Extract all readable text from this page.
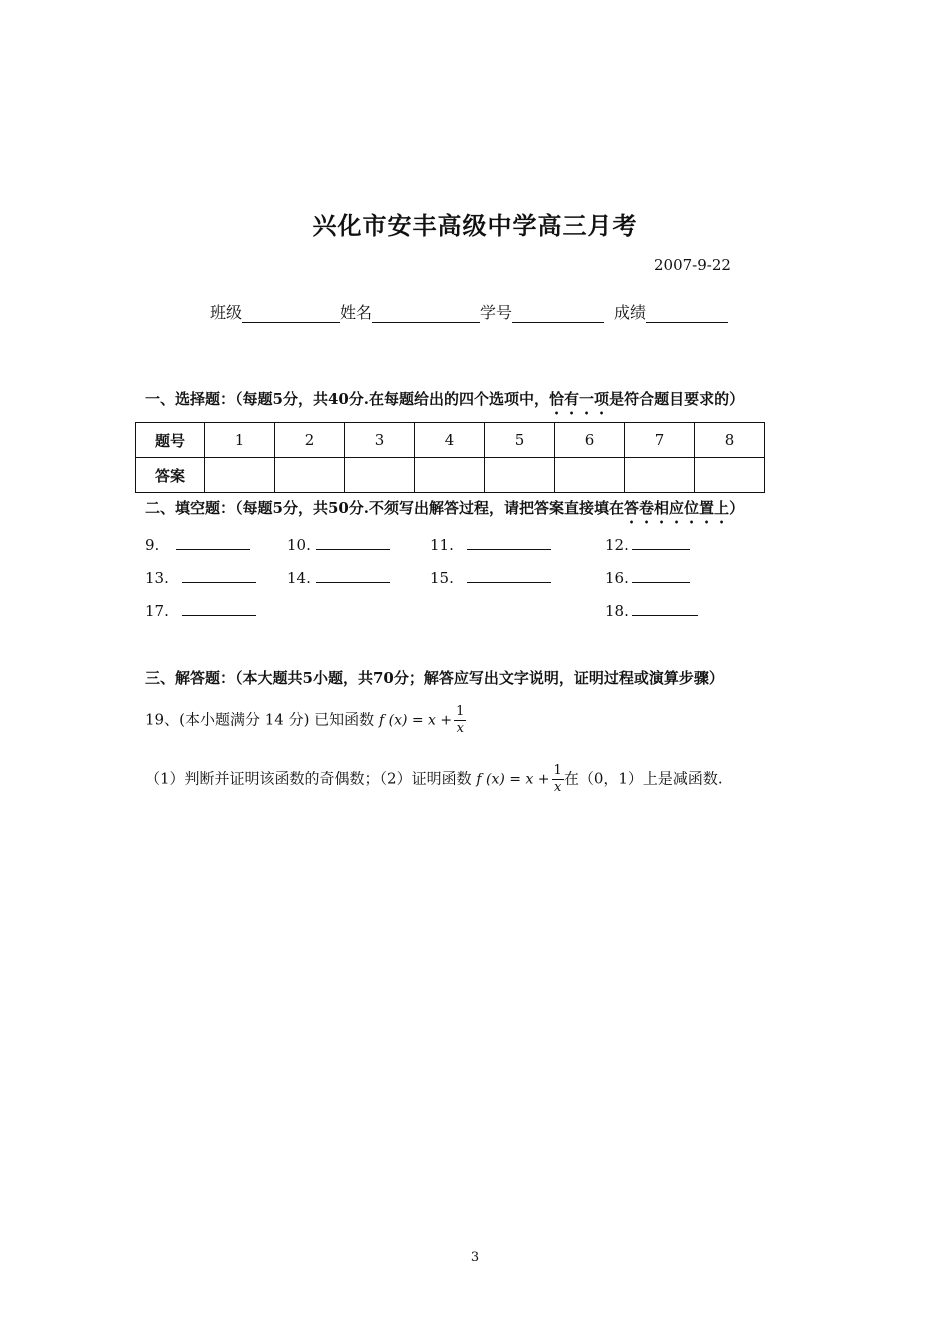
兴化市安丰高级中学高三月考
2007-9-22
班级	姓名	学号	成绩
一、选择题：（每题5分，共40分.在每题给出的四个选项中，恰有一项是符合题目要求的）
题号	1	2	3	4	5	6	7	8
答案								
二、填空题：（每题5分，共50分.不须写出解答过程，请把答案直接填在答卷相应位置上）
9.	10.	11.	12.
13.	14.	15.	16.
17.	18.
三、解答题：（本大题共5小题，共70分；解答应写出文字说明，证明过程或演算步骤）
19、(本小题满分 14 分) 已知函数 f $(x) = x + \frac{1}{x}$
（1）判断并证明该函数的奇偶数；（2）证明函数 f $(x) = x + \frac{1}{x}$ 在（0，1）上是减函数.
3
